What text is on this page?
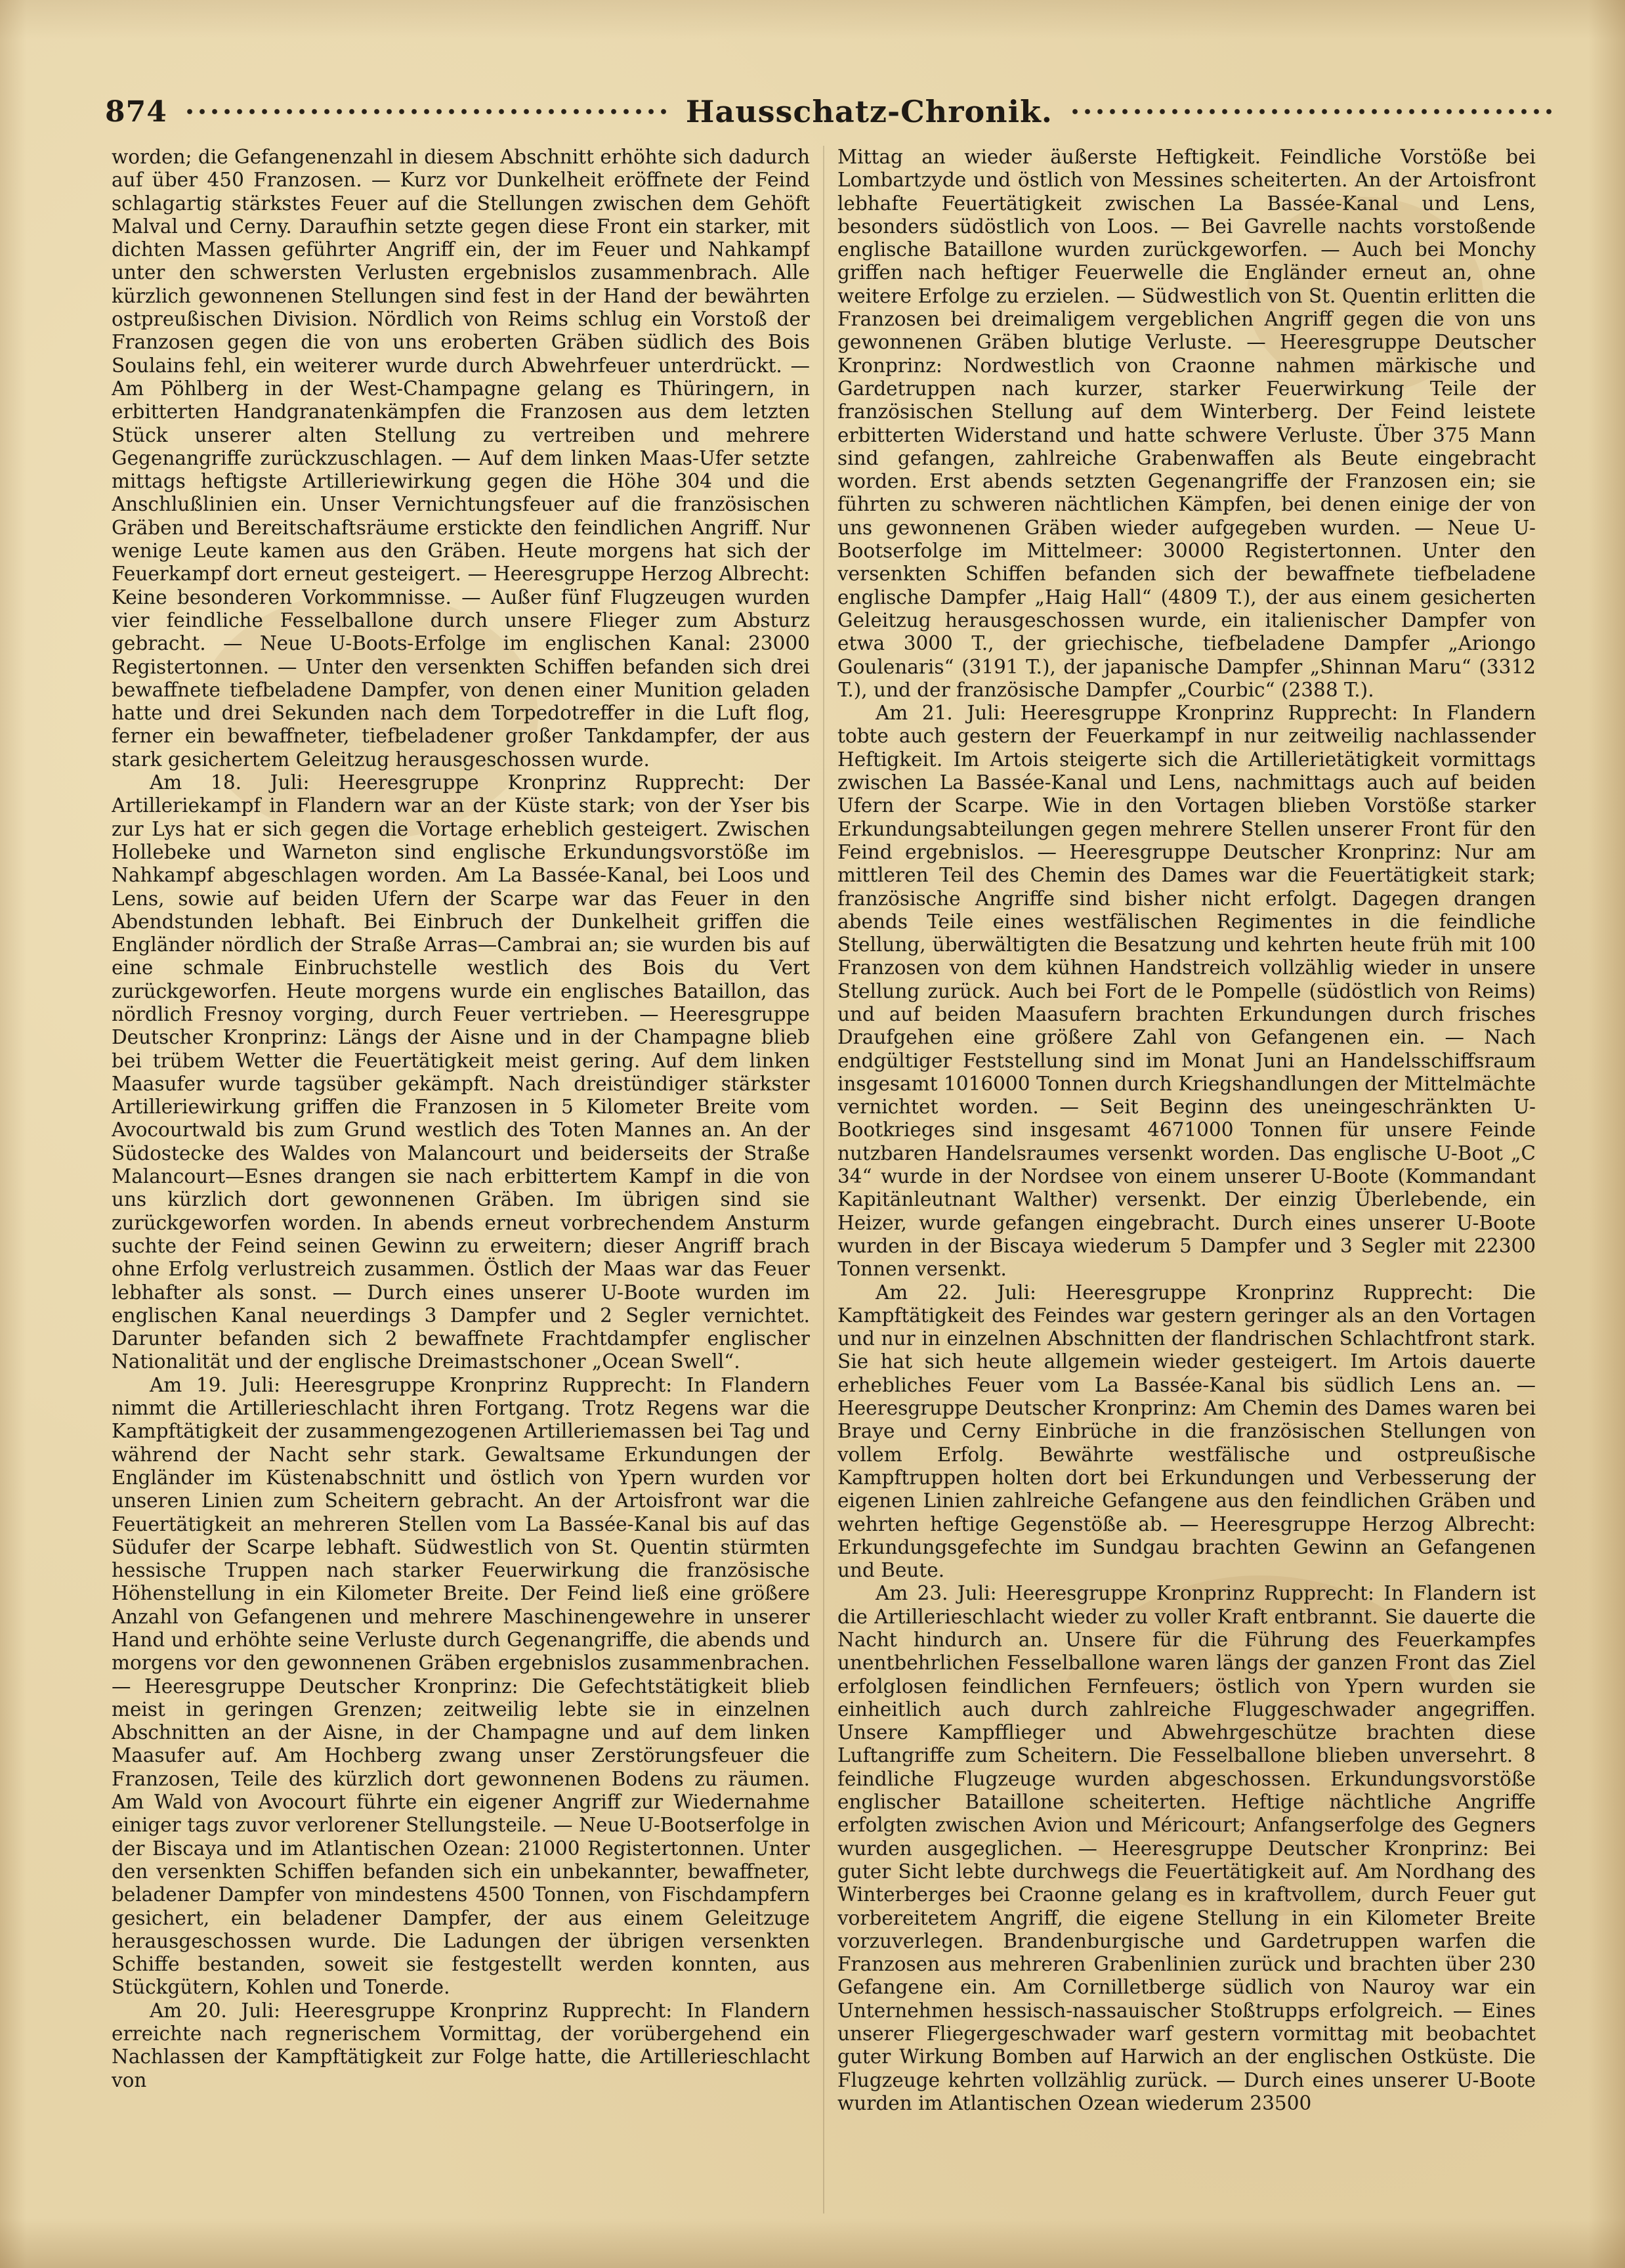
874	Hausschatz-Chronik.

worden; die Gefangenenzahl in diesem Abschnitt erhöhte sich dadurch auf über 450 Franzosen. — Kurz vor Dunkelheit eröffnete der Feind schlagartig stärkstes Feuer auf die Stellungen zwischen dem Gehöft Malval und Cerny. Daraufhin setzte gegen diese Front ein starker, mit dichten Massen geführter Angriff ein, der im Feuer und Nahkampf unter den schwersten Verlusten ergebnislos zusammenbrach. Alle kürzlich gewonnenen Stellungen sind fest in der Hand der bewährten ostpreußischen Division. Nördlich von Reims schlug ein Vorstoß der Franzosen gegen die von uns eroberten Gräben südlich des Bois Soulains fehl, ein weiterer wurde durch Abwehrfeuer unterdrückt. — Am Pöhlberg in der West-Champagne gelang es Thüringern, in erbitterten Handgranatenkämpfen die Franzosen aus dem letzten Stück unserer alten Stellung zu vertreiben und mehrere Gegenangriffe zurückzuschlagen. — Auf dem linken Maas-Ufer setzte mittags heftigste Artilleriewirkung gegen die Höhe 304 und die Anschlußlinien ein. Unser Vernichtungsfeuer auf die französischen Gräben und Bereitschaftsräume erstickte den feindlichen Angriff. Nur wenige Leute kamen aus den Gräben. Heute morgens hat sich der Feuerkampf dort erneut gesteigert. — Heeresgruppe Herzog Albrecht: Keine besonderen Vorkommnisse. — Außer fünf Flugzeugen wurden vier feindliche Fesselballone durch unsere Flieger zum Absturz gebracht. — Neue U-Boots-Erfolge im englischen Kanal: 23000 Registertonnen. — Unter den versenkten Schiffen befanden sich drei bewaffnete tiefbeladene Dampfer, von denen einer Munition geladen hatte und drei Sekunden nach dem Torpedotreffer in die Luft flog, ferner ein bewaffneter, tiefbeladener großer Tankdampfer, der aus stark gesichertem Geleitzug herausgeschossen wurde.

Am 18. Juli: Heeresgruppe Kronprinz Rupprecht: Der Artilleriekampf in Flandern war an der Küste stark; von der Yser bis zur Lys hat er sich gegen die Vortage erheblich gesteigert. Zwischen Hollebeke und Warneton sind englische Erkundungsvorstöße im Nahkampf abgeschlagen worden. Am La Bassée-Kanal, bei Loos und Lens, sowie auf beiden Ufern der Scarpe war das Feuer in den Abendstunden lebhaft. Bei Einbruch der Dunkelheit griffen die Engländer nördlich der Straße Arras—Cambrai an; sie wurden bis auf eine schmale Einbruchstelle westlich des Bois du Vert zurückgeworfen. Heute morgens wurde ein englisches Bataillon, das nördlich Fresnoy vorging, durch Feuer vertrieben. — Heeresgruppe Deutscher Kronprinz: Längs der Aisne und in der Champagne blieb bei trübem Wetter die Feuertätigkeit meist gering. Auf dem linken Maasufer wurde tagsüber gekämpft. Nach dreistündiger stärkster Artilleriewirkung griffen die Franzosen in 5 Kilometer Breite vom Avocourtwald bis zum Grund westlich des Toten Mannes an. An der Südostecke des Waldes von Malancourt und beiderseits der Straße Malancourt—Esnes drangen sie nach erbittertem Kampf in die von uns kürzlich dort gewonnenen Gräben. Im übrigen sind sie zurückgeworfen worden. In abends erneut vorbrechendem Ansturm suchte der Feind seinen Gewinn zu erweitern; dieser Angriff brach ohne Erfolg verlustreich zusammen. Östlich der Maas war das Feuer lebhafter als sonst. — Durch eines unserer U-Boote wurden im englischen Kanal neuerdings 3 Dampfer und 2 Segler vernichtet. Darunter befanden sich 2 bewaffnete Frachtdampfer englischer Nationalität und der englische Dreimastschoner „Ocean Swell“.

Am 19. Juli: Heeresgruppe Kronprinz Rupprecht: In Flandern nimmt die Artillerieschlacht ihren Fortgang. Trotz Regens war die Kampftätigkeit der zusammengezogenen Artilleriemassen bei Tag und während der Nacht sehr stark. Gewaltsame Erkundungen der Engländer im Küstenabschnitt und östlich von Ypern wurden vor unseren Linien zum Scheitern gebracht. An der Artoisfront war die Feuertätigkeit an mehreren Stellen vom La Bassée-Kanal bis auf das Südufer der Scarpe lebhaft. Südwestlich von St. Quentin stürmten hessische Truppen nach starker Feuerwirkung die französische Höhenstellung in ein Kilometer Breite. Der Feind ließ eine größere Anzahl von Gefangenen und mehrere Maschinengewehre in unserer Hand und erhöhte seine Verluste durch Gegenangriffe, die abends und morgens vor den gewonnenen Gräben ergebnislos zusammenbrachen. — Heeresgruppe Deutscher Kronprinz: Die Gefechtstätigkeit blieb meist in geringen Grenzen; zeitweilig lebte sie in einzelnen Abschnitten an der Aisne, in der Champagne und auf dem linken Maasufer auf. Am Hochberg zwang unser Zerstörungsfeuer die Franzosen, Teile des kürzlich dort gewonnenen Bodens zu räumen. Am Wald von Avocourt führte ein eigener Angriff zur Wiedernahme einiger tags zuvor verlorener Stellungsteile. — Neue U-Bootserfolge in der Biscaya und im Atlantischen Ozean: 21000 Registertonnen. Unter den versenkten Schiffen befanden sich ein unbekannter, bewaffneter, beladener Dampfer von mindestens 4500 Tonnen, von Fischdampfern gesichert, ein beladener Dampfer, der aus einem Geleitzuge herausgeschossen wurde. Die Ladungen der übrigen versenkten Schiffe bestanden, soweit sie festgestellt werden konnten, aus Stückgütern, Kohlen und Tonerde.

Am 20. Juli: Heeresgruppe Kronprinz Rupprecht: In Flandern erreichte nach regnerischem Vormittag, der vorübergehend ein Nachlassen der Kampftätigkeit zur Folge hatte, die Artillerieschlacht von

Mittag an wieder äußerste Heftigkeit. Feindliche Vorstöße bei Lombartzyde und östlich von Messines scheiterten. An der Artoisfront lebhafte Feuertätigkeit zwischen La Bassée-Kanal und Lens, besonders südöstlich von Loos. — Bei Gavrelle nachts vorstoßende englische Bataillone wurden zurückgeworfen. — Auch bei Monchy griffen nach heftiger Feuerwelle die Engländer erneut an, ohne weitere Erfolge zu erzielen. — Südwestlich von St. Quentin erlitten die Franzosen bei dreimaligem vergeblichen Angriff gegen die von uns gewonnenen Gräben blutige Verluste. — Heeresgruppe Deutscher Kronprinz: Nordwestlich von Craonne nahmen märkische und Gardetruppen nach kurzer, starker Feuerwirkung Teile der französischen Stellung auf dem Winterberg. Der Feind leistete erbitterten Widerstand und hatte schwere Verluste. Über 375 Mann sind gefangen, zahlreiche Grabenwaffen als Beute eingebracht worden. Erst abends setzten Gegenangriffe der Franzosen ein; sie führten zu schweren nächtlichen Kämpfen, bei denen einige der von uns gewonnenen Gräben wieder aufgegeben wurden. — Neue U-Bootserfolge im Mittelmeer: 30000 Registertonnen. Unter den versenkten Schiffen befanden sich der bewaffnete tiefbeladene englische Dampfer „Haig Hall“ (4809 T.), der aus einem gesicherten Geleitzug herausgeschossen wurde, ein italienischer Dampfer von etwa 3000 T., der griechische, tiefbeladene Dampfer „Ariongo Goulenaris“ (3191 T.), der japanische Dampfer „Shinnan Maru“ (3312 T.), und der französische Dampfer „Courbic“ (2388 T.).

Am 21. Juli: Heeresgruppe Kronprinz Rupprecht: In Flandern tobte auch gestern der Feuerkampf in nur zeitweilig nachlassender Heftigkeit. Im Artois steigerte sich die Artillerietätigkeit vormittags zwischen La Bassée-Kanal und Lens, nachmittags auch auf beiden Ufern der Scarpe. Wie in den Vortagen blieben Vorstöße starker Erkundungsabteilungen gegen mehrere Stellen unserer Front für den Feind ergebnislos. — Heeresgruppe Deutscher Kronprinz: Nur am mittleren Teil des Chemin des Dames war die Feuertätigkeit stark; französische Angriffe sind bisher nicht erfolgt. Dagegen drangen abends Teile eines westfälischen Regimentes in die feindliche Stellung, überwältigten die Besatzung und kehrten heute früh mit 100 Franzosen von dem kühnen Handstreich vollzählig wieder in unsere Stellung zurück. Auch bei Fort de le Pompelle (südöstlich von Reims) und auf beiden Maasufern brachten Erkundungen durch frisches Draufgehen eine größere Zahl von Gefangenen ein. — Nach endgültiger Feststellung sind im Monat Juni an Handelsschiffsraum insgesamt 1016000 Tonnen durch Kriegshandlungen der Mittelmächte vernichtet worden. — Seit Beginn des uneingeschränkten U-Bootkrieges sind insgesamt 4671000 Tonnen für unsere Feinde nutzbaren Handelsraumes versenkt worden. Das englische U-Boot „C 34“ wurde in der Nordsee von einem unserer U-Boote (Kommandant Kapitänleutnant Walther) versenkt. Der einzig Überlebende, ein Heizer, wurde gefangen eingebracht. Durch eines unserer U-Boote wurden in der Biscaya wiederum 5 Dampfer und 3 Segler mit 22300 Tonnen versenkt.

Am 22. Juli: Heeresgruppe Kronprinz Rupprecht: Die Kampftätigkeit des Feindes war gestern geringer als an den Vortagen und nur in einzelnen Abschnitten der flandrischen Schlachtfront stark. Sie hat sich heute allgemein wieder gesteigert. Im Artois dauerte erhebliches Feuer vom La Bassée-Kanal bis südlich Lens an. — Heeresgruppe Deutscher Kronprinz: Am Chemin des Dames waren bei Braye und Cerny Einbrüche in die französischen Stellungen von vollem Erfolg. Bewährte westfälische und ostpreußische Kampftruppen holten dort bei Erkundungen und Verbesserung der eigenen Linien zahlreiche Gefangene aus den feindlichen Gräben und wehrten heftige Gegenstöße ab. — Heeresgruppe Herzog Albrecht: Erkundungsgefechte im Sundgau brachten Gewinn an Gefangenen und Beute.

Am 23. Juli: Heeresgruppe Kronprinz Rupprecht: In Flandern ist die Artillerieschlacht wieder zu voller Kraft entbrannt. Sie dauerte die Nacht hindurch an. Unsere für die Führung des Feuerkampfes unentbehrlichen Fesselballone waren längs der ganzen Front das Ziel erfolglosen feindlichen Fernfeuers; östlich von Ypern wurden sie einheitlich auch durch zahlreiche Fluggeschwader angegriffen. Unsere Kampfflieger und Abwehrgeschütze brachten diese Luftangriffe zum Scheitern. Die Fesselballone blieben unversehrt. 8 feindliche Flugzeuge wurden abgeschossen. Erkundungsvorstöße englischer Bataillone scheiterten. Heftige nächtliche Angriffe erfolgten zwischen Avion und Méricourt; Anfangserfolge des Gegners wurden ausgeglichen. — Heeresgruppe Deutscher Kronprinz: Bei guter Sicht lebte durchwegs die Feuertätigkeit auf. Am Nordhang des Winterberges bei Craonne gelang es in kraftvollem, durch Feuer gut vorbereitetem Angriff, die eigene Stellung in ein Kilometer Breite vorzuverlegen. Brandenburgische und Gardetruppen warfen die Franzosen aus mehreren Grabenlinien zurück und brachten über 230 Gefangene ein. Am Cornilletberge südlich von Nauroy war ein Unternehmen hessisch-nassauischer Stoßtrupps erfolgreich. — Eines unserer Fliegergeschwader warf gestern vormittag mit beobachtet guter Wirkung Bomben auf Harwich an der englischen Ostküste. Die Flugzeuge kehrten vollzählig zurück. — Durch eines unserer U-Boote wurden im Atlantischen Ozean wiederum 23500
